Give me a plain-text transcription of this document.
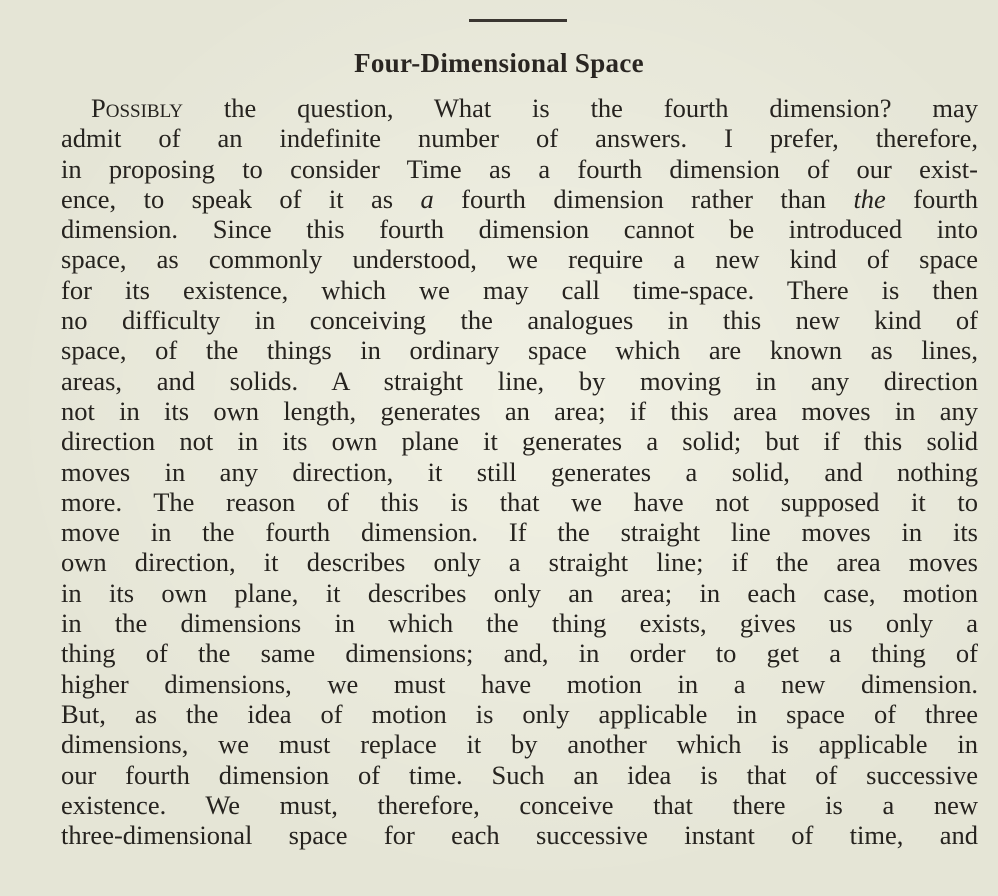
Four-Dimensional Space
Possibly the question, What is the fourth dimension? may
admit of an indefinite number of answers. I prefer, therefore,
in proposing to consider Time as a fourth dimension of our exist-
ence, to speak of it as a fourth dimension rather than the fourth
dimension. Since this fourth dimension cannot be introduced into
space, as commonly understood, we require a new kind of space
for its existence, which we may call time-space. There is then
no difficulty in conceiving the analogues in this new kind of
space, of the things in ordinary space which are known as lines,
areas, and solids. A straight line, by moving in any direction
not in its own length, generates an area; if this area moves in any
direction not in its own plane it generates a solid; but if this solid
moves in any direction, it still generates a solid, and nothing
more. The reason of this is that we have not supposed it to
move in the fourth dimension. If the straight line moves in its
own direction, it describes only a straight line; if the area moves
in its own plane, it describes only an area; in each case, motion
in the dimensions in which the thing exists, gives us only a
thing of the same dimensions; and, in order to get a thing of
higher dimensions, we must have motion in a new dimension.
But, as the idea of motion is only applicable in space of three
dimensions, we must replace it by another which is applicable in
our fourth dimension of time. Such an idea is that of successive
existence. We must, therefore, conceive that there is a new
three-dimensional space for each successive instant of time, and
